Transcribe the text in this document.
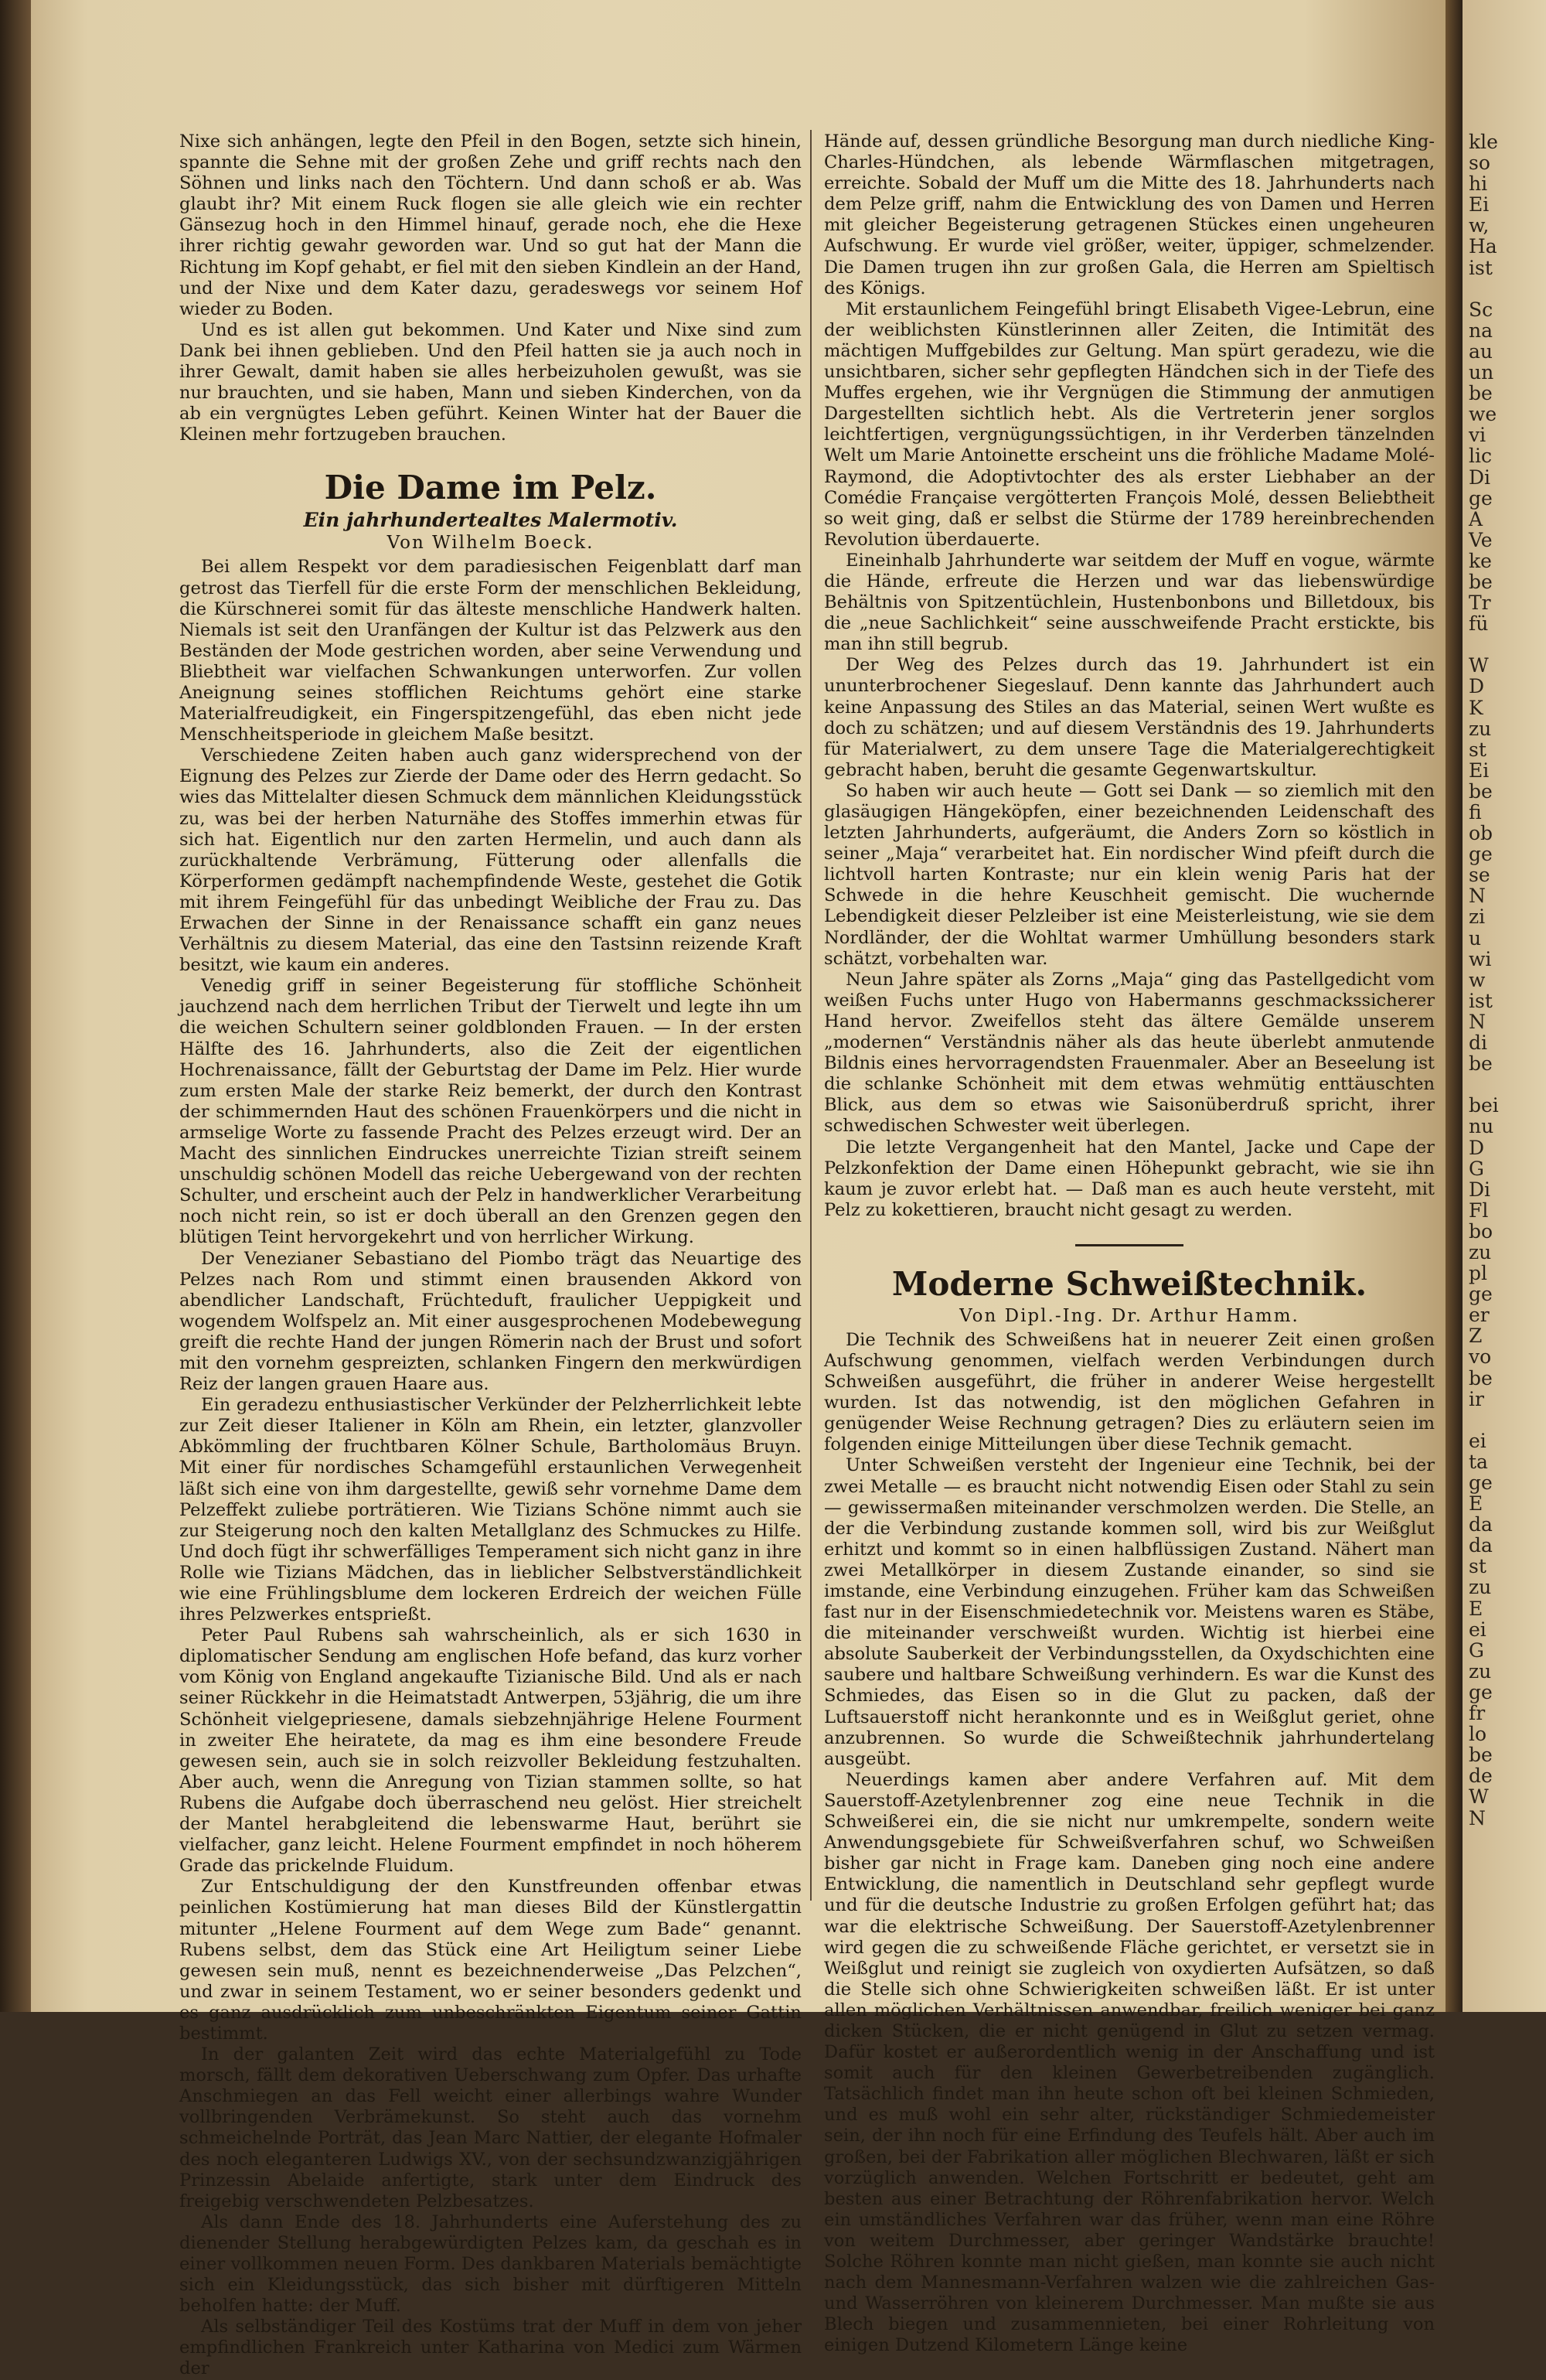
Nixe sich anhängen, legte den Pfeil in den Bogen, setzte sich hinein, spannte die Sehne mit der großen Zehe und griff rechts nach den Söhnen und links nach den Töchtern. Und dann schoß er ab. Was glaubt ihr? Mit einem Ruck flogen sie alle gleich wie ein rechter Gänsezug hoch in den Himmel hinauf, gerade noch, ehe die Hexe ihrer richtig gewahr geworden war. Und so gut hat der Mann die Richtung im Kopf gehabt, er fiel mit den sieben Kindlein an der Hand, und der Nixe und dem Kater dazu, geradeswegs vor seinem Hof wieder zu Boden.

Und es ist allen gut bekommen. Und Kater und Nixe sind zum Dank bei ihnen geblieben. Und den Pfeil hatten sie ja auch noch in ihrer Gewalt, damit haben sie alles herbeizuholen gewußt, was sie nur brauchten, und sie haben, Mann und sieben Kinderchen, von da ab ein vergnügtes Leben geführt. Keinen Winter hat der Bauer die Kleinen mehr fortzugeben brauchen.

Die Dame im Pelz.
Ein jahrhundertealtes Malermotiv.
Von Wilhelm Boeck.

Bei allem Respekt vor dem paradiesischen Feigenblatt darf man getrost das Tierfell für die erste Form der menschlichen Bekleidung, die Kürschnerei somit für das älteste menschliche Handwerk halten. Niemals ist seit den Uranfängen der Kultur ist das Pelzwerk aus den Beständen der Mode gestrichen worden, aber seine Verwendung und Bliebtheit war vielfachen Schwankungen unterworfen. Zur vollen Aneignung seines stofflichen Reichtums gehört eine starke Materialfreudigkeit, ein Fingerspitzengefühl, das eben nicht jede Menschheitsperiode in gleichem Maße besitzt.

Verschiedene Zeiten haben auch ganz widersprechend von der Eignung des Pelzes zur Zierde der Dame oder des Herrn gedacht. So wies das Mittelalter diesen Schmuck dem männlichen Kleidungsstück zu, was bei der herben Naturnähe des Stoffes immerhin etwas für sich hat. Eigentlich nur den zarten Hermelin, und auch dann als zurückhaltende Verbrämung, Fütterung oder allenfalls die Körperformen gedämpft nachempfindende Weste, gestehet die Gotik mit ihrem Feingefühl für das unbedingt Weibliche der Frau zu. Das Erwachen der Sinne in der Renaissance schafft ein ganz neues Verhältnis zu diesem Material, das eine den Tastsinn reizende Kraft besitzt, wie kaum ein anderes.

Venedig griff in seiner Begeisterung für stoffliche Schönheit jauchzend nach dem herrlichen Tribut der Tierwelt und legte ihn um die weichen Schultern seiner goldblonden Frauen. — In der ersten Hälfte des 16. Jahrhunderts, also die Zeit der eigentlichen Hochrenaissance, fällt der Geburtstag der Dame im Pelz. Hier wurde zum ersten Male der starke Reiz bemerkt, der durch den Kontrast der schimmernden Haut des schönen Frauenkörpers und die nicht in armselige Worte zu fassende Pracht des Pelzes erzeugt wird. Der an Macht des sinnlichen Eindruckes unerreichte Tizian streift seinem unschuldig schönen Modell das reiche Uebergewand von der rechten Schulter, und erscheint auch der Pelz in handwerklicher Verarbeitung noch nicht rein, so ist er doch überall an den Grenzen gegen den blütigen Teint hervorgekehrt und von herrlicher Wirkung.

Der Venezianer Sebastiano del Piombo trägt das Neuartige des Pelzes nach Rom und stimmt einen brausenden Akkord von abendlicher Landschaft, Früchteduft, fraulicher Ueppigkeit und wogendem Wolfspelz an. Mit einer ausgesprochenen Modebewegung greift die rechte Hand der jungen Römerin nach der Brust und sofort mit den vornehm gespreizten, schlanken Fingern den merkwürdigen Reiz der langen grauen Haare aus.

Ein geradezu enthusiastischer Verkünder der Pelzherrlichkeit lebte zur Zeit dieser Italiener in Köln am Rhein, ein letzter, glanzvoller Abkömmling der fruchtbaren Kölner Schule, Bartholomäus Bruyn. Mit einer für nordisches Schamgefühl erstaunlichen Verwegenheit läßt sich eine von ihm dargestellte, gewiß sehr vornehme Dame dem Pelzeffekt zuliebe porträtieren. Wie Tizians Schöne nimmt auch sie zur Steigerung noch den kalten Metallglanz des Schmuckes zu Hilfe. Und doch fügt ihr schwerfälliges Temperament sich nicht ganz in ihre Rolle wie Tizians Mädchen, das in lieblicher Selbstverständlichkeit wie eine Frühlingsblume dem lockeren Erdreich der weichen Fülle ihres Pelzwerkes entsprießt.

Peter Paul Rubens sah wahrscheinlich, als er sich 1630 in diplomatischer Sendung am englischen Hofe befand, das kurz vorher vom König von England angekaufte Tizianische Bild. Und als er nach seiner Rückkehr in die Heimatstadt Antwerpen, 53jährig, die um ihre Schönheit vielgepriesene, damals siebzehnjährige Helene Fourment in zweiter Ehe heiratete, da mag es ihm eine besondere Freude gewesen sein, auch sie in solch reizvoller Bekleidung festzuhalten. Aber auch, wenn die Anregung von Tizian stammen sollte, so hat Rubens die Aufgabe doch überraschend neu gelöst. Hier streichelt der Mantel herabgleitend die lebenswarme Haut, berührt sie vielfacher, ganz leicht. Helene Fourment empfindet in noch höherem Grade das prickelnde Fluidum.

Zur Entschuldigung der den Kunstfreunden offenbar etwas peinlichen Kostümierung hat man dieses Bild der Künstlergattin mitunter „Helene Fourment auf dem Wege zum Bade“ genannt. Rubens selbst, dem das Stück eine Art Heiligtum seiner Liebe gewesen sein muß, nennt es bezeichnenderweise „Das Pelzchen“, und zwar in seinem Testament, wo er seiner besonders gedenkt und es ganz ausdrücklich zum unbeschränkten Eigentum seiner Gattin bestimmt.

In der galanten Zeit wird das echte Materialgefühl zu Tode morsch, fällt dem dekorativen Ueberschwang zum Opfer. Das urhafte Anschmiegen an das Fell weicht einer allerbings wahre Wunder vollbringenden Verbrämekunst. So steht auch das vornehm schmeichelnde Porträt, das Jean Marc Nattier, der elegante Hofmaler des noch eleganteren Ludwigs XV., von der sechsundzwanzigjährigen Prinzessin Abelaide anfertigte, stark unter dem Eindruck des freigebig verschwendeten Pelzbesatzes.

Als dann Ende des 18. Jahrhunderts eine Auferstehung des zu dienender Stellung herabgewürdigten Pelzes kam, da geschah es in einer vollkommen neuen Form. Des dankbaren Materials bemächtigte sich ein Kleidungsstück, das sich bisher mit dürftigeren Mitteln beholfen hatte: der Muff.

Als selbständiger Teil des Kostüms trat der Muff in dem von jeher empfindlichen Frankreich unter Katharina von Medici zum Wärmen der

Hände auf, dessen gründliche Besorgung man durch niedliche King-Charles-Hündchen, als lebende Wärmflaschen mitgetragen, erreichte. Sobald der Muff um die Mitte des 18. Jahrhunderts nach dem Pelze griff, nahm die Entwicklung des von Damen und Herren mit gleicher Begeisterung getragenen Stückes einen ungeheuren Aufschwung. Er wurde viel größer, weiter, üppiger, schmelzender. Die Damen trugen ihn zur großen Gala, die Herren am Spieltisch des Königs.

Mit erstaunlichem Feingefühl bringt Elisabeth Vigee-Lebrun, eine der weiblichsten Künstlerinnen aller Zeiten, die Intimität des mächtigen Muffgebildes zur Geltung. Man spürt geradezu, wie die unsichtbaren, sicher sehr gepflegten Händchen sich in der Tiefe des Muffes ergehen, wie ihr Vergnügen die Stimmung der anmutigen Dargestellten sichtlich hebt. Als die Vertreterin jener sorglos leichtfertigen, vergnügungssüchtigen, in ihr Verderben tänzelnden Welt um Marie Antoinette erscheint uns die fröhliche Madame Molé-Raymond, die Adoptivtochter des als erster Liebhaber an der Comédie Française vergötterten François Molé, dessen Beliebtheit so weit ging, daß er selbst die Stürme der 1789 hereinbrechenden Revolution überdauerte.

Eineinhalb Jahrhunderte war seitdem der Muff en vogue, wärmte die Hände, erfreute die Herzen und war das liebenswürdige Behältnis von Spitzentüchlein, Hustenbonbons und Billetdoux, bis die „neue Sachlichkeit“ seine ausschweifende Pracht erstickte, bis man ihn still begrub.

Der Weg des Pelzes durch das 19. Jahrhundert ist ein ununterbrochener Siegeslauf. Denn kannte das Jahrhundert auch keine Anpassung des Stiles an das Material, seinen Wert wußte es doch zu schätzen; und auf diesem Verständnis des 19. Jahrhunderts für Materialwert, zu dem unsere Tage die Materialgerechtigkeit gebracht haben, beruht die gesamte Gegenwartskultur.

So haben wir auch heute — Gott sei Dank — so ziemlich mit den glasäugigen Hängeköpfen, einer bezeichnenden Leidenschaft des letzten Jahrhunderts, aufgeräumt, die Anders Zorn so köstlich in seiner „Maja“ verarbeitet hat. Ein nordischer Wind pfeift durch die lichtvoll harten Kontraste; nur ein klein wenig Paris hat der Schwede in die hehre Keuschheit gemischt. Die wuchernde Lebendigkeit dieser Pelzleiber ist eine Meisterleistung, wie sie dem Nordländer, der die Wohltat warmer Umhüllung besonders stark schätzt, vorbehalten war.

Neun Jahre später als Zorns „Maja“ ging das Pastellgedicht vom weißen Fuchs unter Hugo von Habermanns geschmackssicherer Hand hervor. Zweifellos steht das ältere Gemälde unserem „modernen“ Verständnis näher als das heute überlebt anmutende Bildnis eines hervorragendsten Frauenmaler. Aber an Beseelung ist die schlanke Schönheit mit dem etwas wehmütig enttäuschten Blick, aus dem so etwas wie Saisonüberdruß spricht, ihrer schwedischen Schwester weit überlegen.

Die letzte Vergangenheit hat den Mantel, Jacke und Cape der Pelzkonfektion der Dame einen Höhepunkt gebracht, wie sie ihn kaum je zuvor erlebt hat. — Daß man es auch heute versteht, mit Pelz zu kokettieren, braucht nicht gesagt zu werden.

Moderne Schweißtechnik.
Von Dipl.-Ing. Dr. Arthur Hamm.

Die Technik des Schweißens hat in neuerer Zeit einen großen Aufschwung genommen, vielfach werden Verbindungen durch Schweißen ausgeführt, die früher in anderer Weise hergestellt wurden. Ist das notwendig, ist den möglichen Gefahren in genügender Weise Rechnung getragen? Dies zu erläutern seien im folgenden einige Mitteilungen über diese Technik gemacht.

Unter Schweißen versteht der Ingenieur eine Technik, bei der zwei Metalle — es braucht nicht notwendig Eisen oder Stahl zu sein — gewissermaßen miteinander verschmolzen werden. Die Stelle, an der die Verbindung zustande kommen soll, wird bis zur Weißglut erhitzt und kommt so in einen halbflüssigen Zustand. Nähert man zwei Metallkörper in diesem Zustande einander, so sind sie imstande, eine Verbindung einzugehen. Früher kam das Schweißen fast nur in der Eisenschmiedetechnik vor. Meistens waren es Stäbe, die miteinander verschweißt wurden. Wichtig ist hierbei eine absolute Sauberkeit der Verbindungsstellen, da Oxydschichten eine saubere und haltbare Schweißung verhindern. Es war die Kunst des Schmiedes, das Eisen so in die Glut zu packen, daß der Luftsauerstoff nicht herankonnte und es in Weißglut geriet, ohne anzubrennen. So wurde die Schweißtechnik jahrhundertelang ausgeübt.

Neuerdings kamen aber andere Verfahren auf. Mit dem Sauerstoff-Azetylenbrenner zog eine neue Technik in die Schweißerei ein, die sie nicht nur umkrempelte, sondern weite Anwendungsgebiete für Schweißverfahren schuf, wo Schweißen bisher gar nicht in Frage kam. Daneben ging noch eine andere Entwicklung, die namentlich in Deutschland sehr gepflegt wurde und für die deutsche Industrie zu großen Erfolgen geführt hat; das war die elektrische Schweißung. Der Sauerstoff-Azetylenbrenner wird gegen die zu schweißende Fläche gerichtet, er versetzt sie in Weißglut und reinigt sie zugleich von oxydierten Aufsätzen, so daß die Stelle sich ohne Schwierigkeiten schweißen läßt. Er ist unter allen möglichen Verhältnissen anwendbar, freilich weniger bei ganz dicken Stücken, die er nicht genügend in Glut zu setzen vermag. Dafür kostet er außerordentlich wenig in der Anschaffung und ist somit auch für den kleinen Gewerbetreibenden zugänglich. Tatsächlich findet man ihn heute schon oft bei kleinen Schmieden, und es muß wohl ein sehr alter, rückständiger Schmiedemeister sein, der ihn noch für eine Erfindung des Teufels hält. Aber auch im großen, bei der Fabrikation aller möglichen Blechwaren, läßt er sich vorzüglich anwenden. Welchen Fortschritt er bedeutet, geht am besten aus einer Betrachtung der Röhrenfabrikation hervor. Welch ein umständliches Verfahren war das früher, wenn man eine Röhre von weitem Durchmesser, aber geringer Wandstärke brauchte! Solche Röhren konnte man nicht gießen, man konnte sie auch nicht nach dem Mannesmann-Verfahren walzen wie die zahlreichen Gas- und Wasserröhren von kleinerem Durchmesser. Man mußte sie aus Blech biegen und zusammennieten, bei einer Rohrleitung von einigen Dutzend Kilometern Länge keine

kle
so
hi
Ei
w,
Ha
ist

Sc
na
au
un
be
we
vi
lic
Di
ge
A
Ve
ke
be
Tr
fü

W
D
K
zu
st
Ei
be
fi
ob
ge
se
N
zi
u
wi
w
ist
N
di
be

bei
nu
D
G
Di
Fl
bo
zu
pl
ge
er
Z
vo
be
ir

ei
ta
ge
E
da
da
st
zu
E
ei
G
zu
ge
fr
lo
be
de
W
N
